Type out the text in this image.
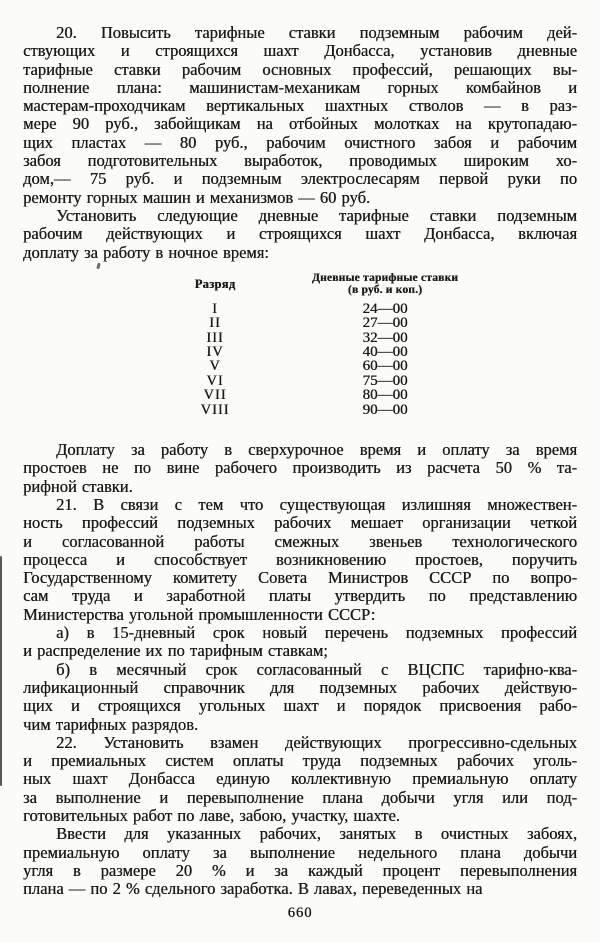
20. Повысить тарифные ставки подземным рабочим дей-
ствующих и строящихся шахт Донбасса, установив дневные
тарифные ставки рабочим основных профессий, решающих вы-
полнение плана: машинистам-механикам горных комбайнов и
мастерам-проходчикам вертикальных шахтных стволов — в раз-
мере 90 руб., забойщикам на отбойных молотках на крутопадаю-
щих пластах — 80 руб., рабочим очистного забоя и рабочим
забоя подготовительных выработок, проводимых широким хо-
дом,— 75 руб. и подземным электрослесарям первой руки по
ремонту горных машин и механизмов — 60 руб.
Установить следующие дневные тарифные ставки подземным
рабочим действующих и строящихся шахт Донбасса, включая
доплату за работу в ночное время:
Разряд	Дневные тарифные ставки
(в руб. и коп.)
I	24—00
II	27—00
III	32—00
IV	40—00
V	60—00
VI	75—00
VII	80—00
VIII	90—00
Доплату за работу в сверхурочное время и оплату за время
простоев не по вине рабочего производить из расчета 50 % та-
рифной ставки.
21. В связи с тем что существующая излишняя множествен-
ность профессий подземных рабочих мешает организации четкой
и согласованной работы смежных звеньев технологического
процесса и способствует возникновению простоев, поручить
Государственному комитету Совета Министров СССР по вопро-
сам труда и заработной платы утвердить по представлению
Министерства угольной промышленности СССР:
а) в 15-дневный срок новый перечень подземных профессий
и распределение их по тарифным ставкам;
б) в месячный срок согласованный с ВЦСПС тарифно-ква-
лификационный справочник для подземных рабочих действую-
щих и строящихся угольных шахт и порядок присвоения рабо-
чим тарифных разрядов.
22. Установить взамен действующих прогрессивно-сдельных
и премиальных систем оплаты труда подземных рабочих уголь-
ных шахт Донбасса единую коллективную премиальную оплату
за выполнение и перевыполнение плана добычи угля или под-
готовительных работ по лаве, забою, участку, шахте.
Ввести для указанных рабочих, занятых в очистных забоях,
премиальную оплату за выполнение недельного плана добычи
угля в размере 20 % и за каждый процент перевыполнения
плана — по 2 % сдельного заработка. В лавах, переведенных на
660
